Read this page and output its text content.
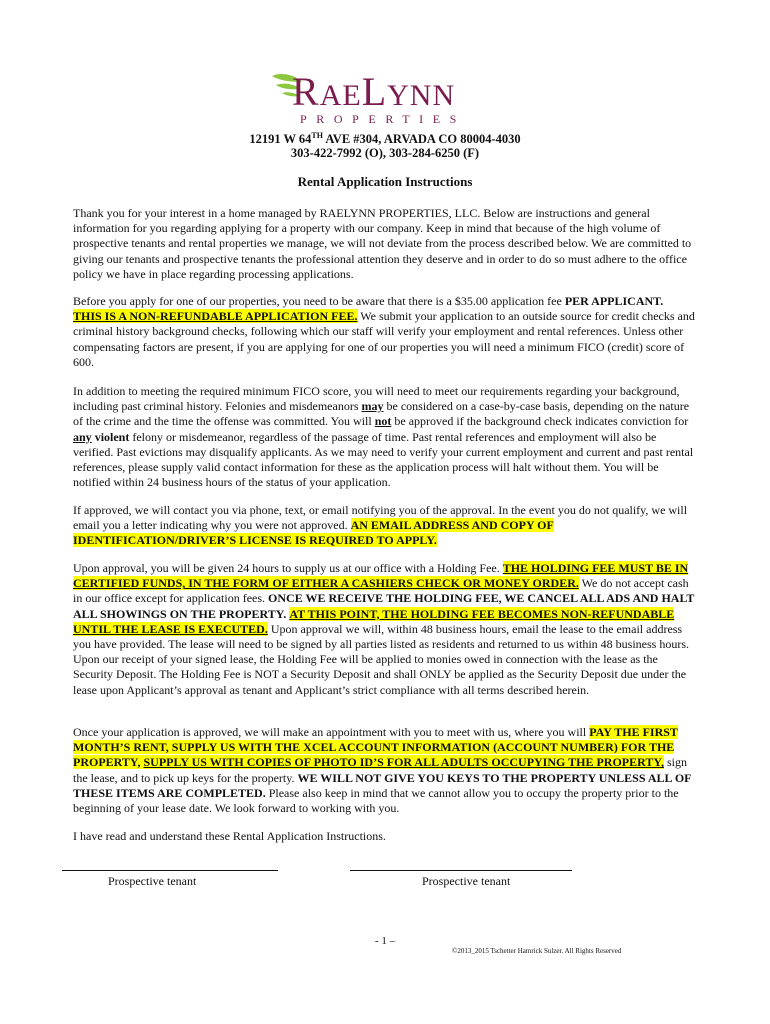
RAELYNN
PROPERTIES
12191 W 64TH AVE #304, ARVADA CO 80004-4030
303-422-7992 (O), 303-284-6250 (F)
Rental Application Instructions

Thank you for your interest in a home managed by RAELYNN PROPERTIES, LLC. Below are instructions and general information for you regarding applying for a property with our company. Keep in mind that because of the high volume of prospective tenants and rental properties we manage, we will not deviate from the process described below. We are committed to giving our tenants and prospective tenants the professional attention they deserve and in order to do so must adhere to the office policy we have in place regarding processing applications.

Before you apply for one of our properties, you need to be aware that there is a $35.00 application fee PER APPLICANT.
THIS IS A NON-REFUNDABLE APPLICATION FEE. We submit your application to an outside source for credit checks and criminal history background checks, following which our staff will verify your employment and rental references. Unless other compensating factors are present, if you are applying for one of our properties you will need a minimum FICO (credit) score of 600.

In addition to meeting the required minimum FICO score, you will need to meet our requirements regarding your background, including past criminal history. Felonies and misdemeanors may be considered on a case-by-case basis, depending on the nature of the crime and the time the offense was committed. You will not be approved if the background check indicates conviction for any violent felony or misdemeanor, regardless of the passage of time. Past rental references and employment will also be verified. Past evictions may disqualify applicants. As we may need to verify your current employment and current and past rental references, please supply valid contact information for these as the application process will halt without them. You will be notified within 24 business hours of the status of your application.

If approved, we will contact you via phone, text, or email notifying you of the approval. In the event you do not qualify, we will email you a letter indicating why you were not approved. AN EMAIL ADDRESS AND COPY OF IDENTIFICATION/DRIVER’S LICENSE IS REQUIRED TO APPLY.

Upon approval, you will be given 24 hours to supply us at our office with a Holding Fee. THE HOLDING FEE MUST BE IN CERTIFIED FUNDS, IN THE FORM OF EITHER A CASHIERS CHECK OR MONEY ORDER. We do not accept cash in our office except for application fees. ONCE WE RECEIVE THE HOLDING FEE, WE CANCEL ALL ADS AND HALT ALL SHOWINGS ON THE PROPERTY. AT THIS POINT, THE HOLDING FEE BECOMES NON-REFUNDABLE UNTIL THE LEASE IS EXECUTED. Upon approval we will, within 48 business hours, email the lease to the email address you have provided. The lease will need to be signed by all parties listed as residents and returned to us within 48 business hours. Upon our receipt of your signed lease, the Holding Fee will be applied to monies owed in connection with the lease as the Security Deposit. The Holding Fee is NOT a Security Deposit and shall ONLY be applied as the Security Deposit due under the lease upon Applicant’s approval as tenant and Applicant’s strict compliance with all terms described herein.

Once your application is approved, we will make an appointment with you to meet with us, where you will PAY THE FIRST MONTH’S RENT, SUPPLY US WITH THE XCEL ACCOUNT INFORMATION (ACCOUNT NUMBER) FOR THE PROPERTY, SUPPLY US WITH COPIES OF PHOTO ID’S FOR ALL ADULTS OCCUPYING THE PROPERTY, sign the lease, and to pick up keys for the property. WE WILL NOT GIVE YOU KEYS TO THE PROPERTY UNLESS ALL OF THESE ITEMS ARE COMPLETED. Please also keep in mind that we cannot allow you to occupy the property prior to the beginning of your lease date. We look forward to working with you.

I have read and understand these Rental Application Instructions.

Prospective tenant	Prospective tenant
- 1 –
©2013_2015 Tschetter Hamrick Sulzer. All Rights Reserved
